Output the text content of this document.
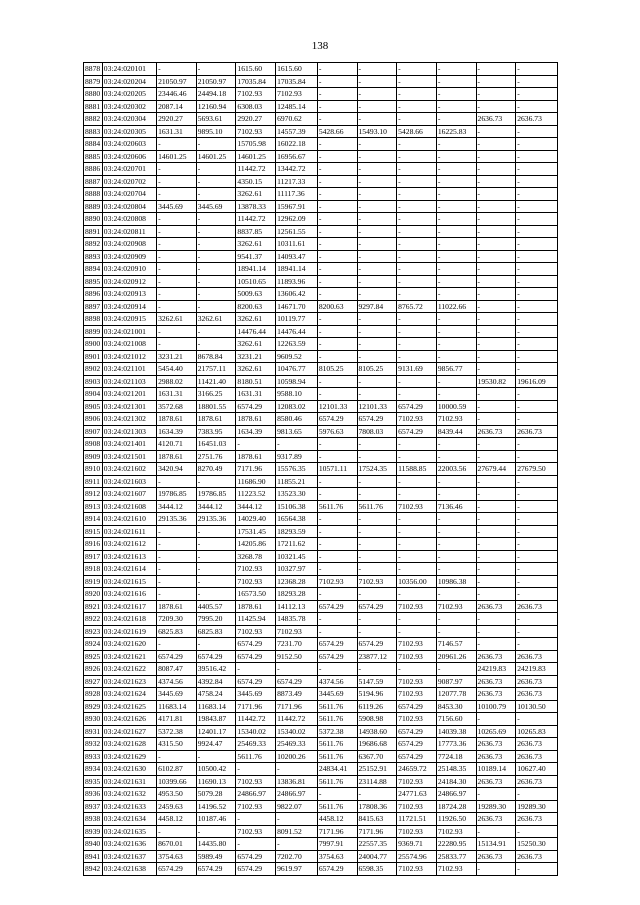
138
8878	03:24:020101	-	-	1615.60	1615.60	-	-	-	-	-	-
8879	03:24:020204	21050.97	21050.97	17035.84	17035.84	-	-	-	-	-	-
8880	03:24:020205	23446.46	24494.18	7102.93	7102.93	-	-	-	-	-	-
8881	03:24:020302	2087.14	12160.94	6308.03	12485.14	-	-	-	-	-	-
8882	03:24:020304	2920.27	5693.61	2920.27	6970.62	-	-	-	-	2636.73	2636.73
8883	03:24:020305	1631.31	9895.10	7102.93	14557.39	5428.66	15493.10	5428.66	16225.83	-	-
8884	03:24:020603	-	-	15705.98	16022.18	-	-	-	-	-	-
8885	03:24:020606	14601.25	14601.25	14601.25	16956.67	-	-	-	-	-	-
8886	03:24:020701	-	-	11442.72	13442.72	-	-	-	-	-	-
8887	03:24:020702	-	-	4350.15	11217.33	-	-	-	-	-	-
8888	03:24:020704	-	-	3262.61	11117.36	-	-	-	-	-	-
8889	03:24:020804	3445.69	3445.69	13878.33	15967.91	-	-	-	-	-	-
8890	03:24:020808	-	-	11442.72	12962.09	-	-	-	-	-	-
8891	03:24:020811	-	-	8837.85	12561.55	-	-	-	-	-	-
8892	03:24:020908	-	-	3262.61	10311.61	-	-	-	-	-	-
8893	03:24:020909	-	-	9541.37	14093.47	-	-	-	-	-	-
8894	03:24:020910	-	-	18941.14	18941.14	-	-	-	-	-	-
8895	03:24:020912	-	-	10510.65	11893.96	-	-	-	-	-	-
8896	03:24:020913	-	-	5009.63	13606.42	-	-	-	-	-	-
8897	03:24:020914	-	-	8200.63	14671.70	8200.63	9297.84	8765.72	11022.66	-	-
8898	03:24:020915	3262.61	3262.61	3262.61	10119.77	-	-	-	-	-	-
8899	03:24:021001	-	-	14476.44	14476.44	-	-	-	-	-	-
8900	03:24:021008	-	-	3262.61	12263.59	-	-	-	-	-	-
8901	03:24:021012	3231.21	8678.84	3231.21	9609.52	-	-	-	-	-	-
8902	03:24:021101	5454.40	21757.11	3262.61	10476.77	8105.25	8105.25	9131.69	9856.77	-	-
8903	03:24:021103	2988.02	11421.40	8180.51	10598.94	-	-	-	-	19530.82	19616.09
8904	03:24:021201	1631.31	3166.25	1631.31	9588.10	-	-	-	-	-	-
8905	03:24:021301	3572.68	18801.55	6574.29	12083.02	12101.33	12101.33	6574.29	10000.59	-	-
8906	03:24:021302	1878.61	1878.61	1878.61	8580.46	6574.29	6574.29	7102.93	7102.93	-	-
8907	03:24:021303	1634.39	7383.95	1634.39	9813.65	5976.63	7808.03	6574.29	8439.44	2636.73	2636.73
8908	03:24:021401	4120.71	16451.03	-	-	-	-	-	-	-	-
8909	03:24:021501	1878.61	2751.76	1878.61	9317.89	-	-	-	-	-	-
8910	03:24:021602	3420.94	8270.49	7171.96	15576.35	10571.11	17524.35	11588.85	22003.56	27679.44	27679.50
8911	03:24:021603	-	-	11686.90	11855.21	-	-	-	-	-	-
8912	03:24:021607	19786.85	19786.85	11223.52	13523.30	-	-	-	-	-	-
8913	03:24:021608	3444.12	3444.12	3444.12	15106.38	5611.76	5611.76	7102.93	7136.46	-	-
8914	03:24:021610	29135.36	29135.36	14029.40	16564.38	-	-	-	-	-	-
8915	03:24:021611	-	-	17531.45	18293.59	-	-	-	-	-	-
8916	03:24:021612	-	-	14205.86	17211.62	-	-	-	-	-	-
8917	03:24:021613	-	-	3268.78	10321.45	-	-	-	-	-	-
8918	03:24:021614	-	-	7102.93	10327.97	-	-	-	-	-	-
8919	03:24:021615	-	-	7102.93	12368.28	7102.93	7102.93	10356.00	10986.38	-	-
8920	03:24:021616	-	-	16573.50	18293.28	-	-	-	-	-	-
8921	03:24:021617	1878.61	4405.57	1878.61	14112.13	6574.29	6574.29	7102.93	7102.93	2636.73	2636.73
8922	03:24:021618	7209.30	7995.20	11425.94	14835.78	-	-	-	-	-	-
8923	03:24:021619	6825.83	6825.83	7102.93	7102.93	-	-	-	-	-	-
8924	03:24:021620	-	-	6574.29	7231.70	6574.29	6574.29	7102.93	7146.57	-	-
8925	03:24:021621	6574.29	6574.29	6574.29	9152.50	6574.29	23877.12	7102.93	20961.26	2636.73	2636.73
8926	03:24:021622	8087.47	39516.42	-	-	-	-	-	-	24219.83	24219.83
8927	03:24:021623	4374.56	4392.84	6574.29	6574.29	4374.56	5147.59	7102.93	9087.97	2636.73	2636.73
8928	03:24:021624	3445.69	4758.24	3445.69	8873.49	3445.69	5194.96	7102.93	12077.78	2636.73	2636.73
8929	03:24:021625	11683.14	11683.14	7171.96	7171.96	5611.76	6119.26	6574.29	8453.30	10100.79	10130.50
8930	03:24:021626	4171.81	19843.87	11442.72	11442.72	5611.76	5908.98	7102.93	7156.60	-	-
8931	03:24:021627	5372.38	12401.17	15340.02	15340.02	5372.38	14938.60	6574.29	14039.38	10265.69	10265.83
8932	03:24:021628	4315.50	9924.47	25469.33	25469.33	5611.76	19686.68	6574.29	17773.36	2636.73	2636.73
8933	03:24:021629	-	-	5611.76	10200.26	5611.76	6367.70	6574.29	7724.18	2636.73	2636.73
8934	03:24:021630	6102.87	10500.42	-	-	24834.41	25152.91	24659.72	25148.35	10189.14	10627.40
8935	03:24:021631	10399.66	11690.13	7102.93	13836.81	5611.76	23114.88	7102.93	24184.30	2636.73	2636.73
8936	03:24:021632	4953.50	5079.28	24866.97	24866.97	-	-	24771.63	24866.97	-	-
8937	03:24:021633	2459.63	14196.52	7102.93	9822.07	5611.76	17808.36	7102.93	18724.28	19289.30	19289.30
8938	03:24:021634	4458.12	10187.46	-	-	4458.12	8415.63	11721.51	11926.50	2636.73	2636.73
8939	03:24:021635	-	-	7102.93	8091.52	7171.96	7171.96	7102.93	7102.93	-	-
8940	03:24:021636	8670.01	14435.80	-	-	7997.91	22557.35	9369.71	22280.95	15134.91	15250.30
8941	03:24:021637	3754.63	5989.49	6574.29	7202.70	3754.63	24004.77	25574.96	25833.77	2636.73	2636.73
8942	03:24:021638	6574.29	6574.29	6574.29	9619.97	6574.29	6598.35	7102.93	7102.93	-	-
